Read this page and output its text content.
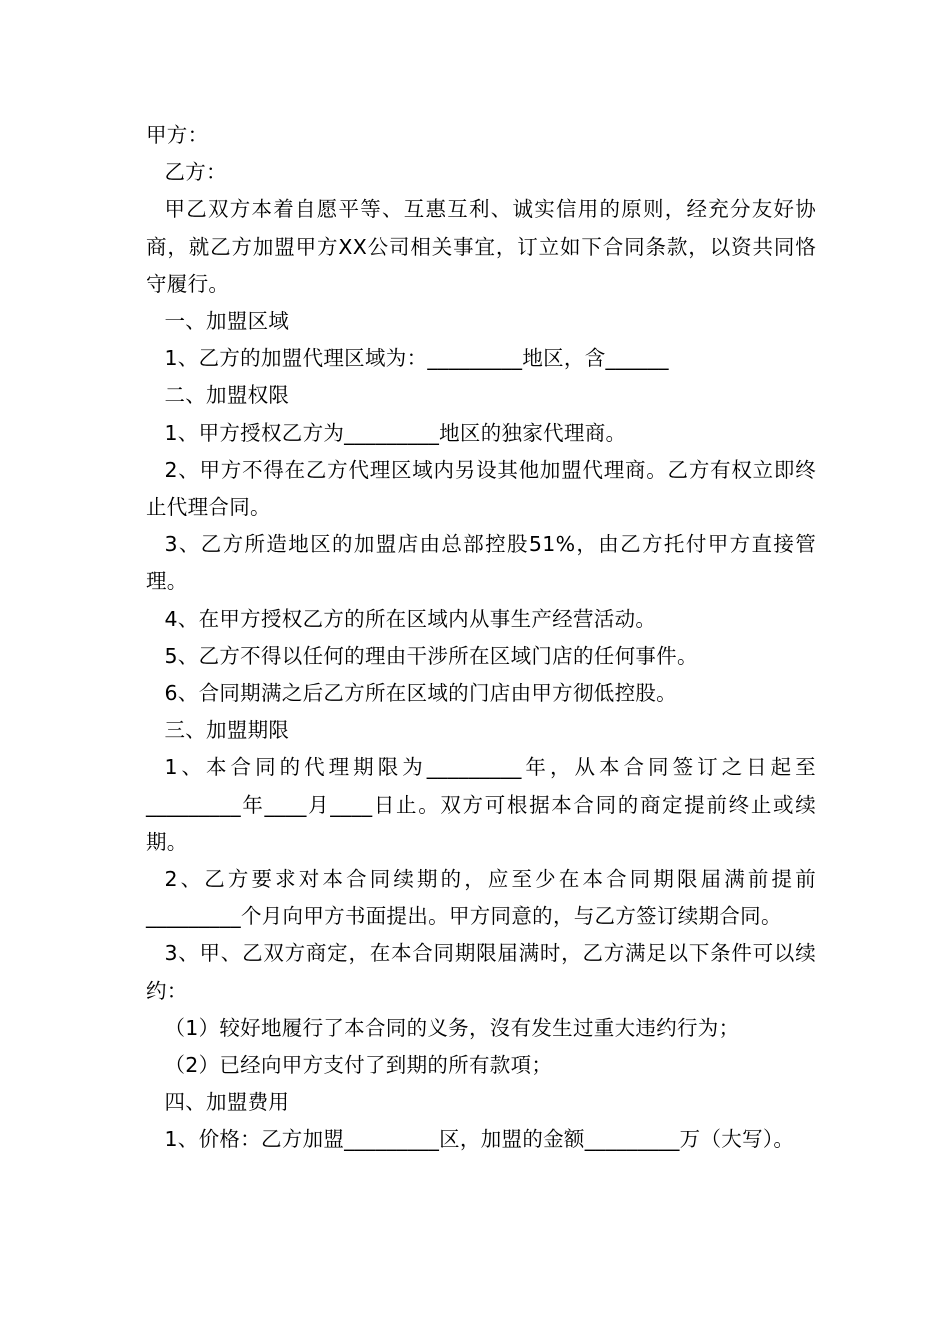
甲方：

乙方：

甲乙双方本着自愿平等、互惠互利、诚实信用的原则，经充分友好协商，就乙方加盟甲方XX公司相关事宜，订立如下合同条款，以资共同恪守履行。

一、加盟区域

1、乙方的加盟代理区域为：_________地区，含______

二、加盟权限

1、甲方授权乙方为_________地区的独家代理商。

2、甲方不得在乙方代理区域内另设其他加盟代理商。乙方有权立即终止代理合同。

3、乙方所造地区的加盟店由总部控股51%，由乙方托付甲方直接管理。

4、在甲方授权乙方的所在区域内从事生产经营活动。

5、乙方不得以任何的理由干涉所在区域门店的任何事件。

6、合同期满之后乙方所在区域的门店由甲方彻低控股。

三、加盟期限

1、本合同的代理期限为_________年，从本合同签订之日起至_________年____月____日止。双方可根据本合同的商定提前终止或续期。

2、乙方要求对本合同续期的，应至少在本合同期限届满前提前_________个月向甲方书面提出。甲方同意的，与乙方签订续期合同。

3、甲、乙双方商定，在本合同期限届满时，乙方满足以下条件可以续约：

（1）较好地履行了本合同的义务，沒有发生过重大违约行为；

（2）已经向甲方支付了到期的所有款項；

四、加盟费用

1、价格：乙方加盟_________区，加盟的金额_________万（大写）。
